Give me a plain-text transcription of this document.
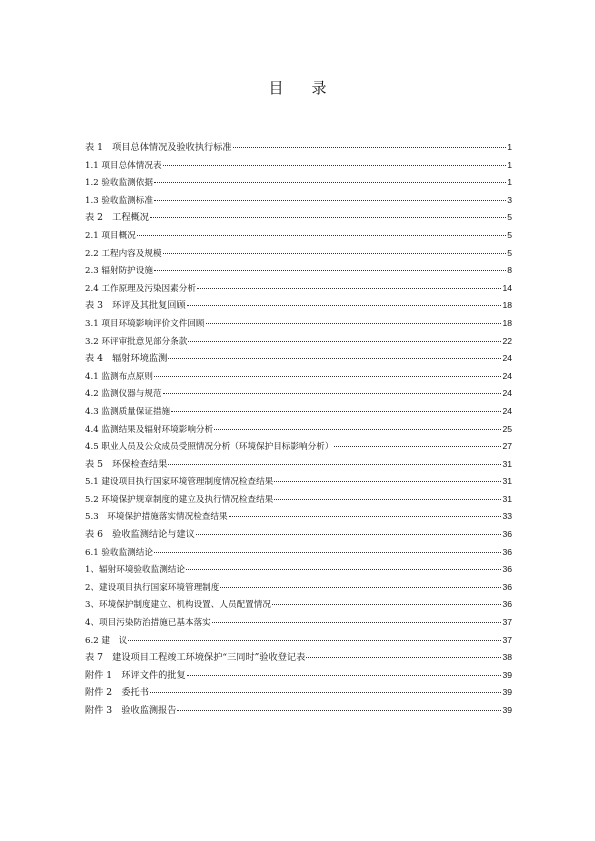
目 录
表 1　项目总体情况及验收执行标准	1
1.1 项目总体情况表	1
1.2 验收监测依据	1
1.3 验收监测标准	3
表 2　工程概况	5
2.1 项目概况	5
2.2 工程内容及规模	5
2.3 辐射防护设施	8
2.4 工作原理及污染因素分析	14
表 3　环评及其批复回顾	18
3.1 项目环境影响评价文件回顾	18
3.2 环评审批意见部分条款	22
表 4　辐射环境监测	24
4.1 监测布点原则	24
4.2 监测仪器与规范	24
4.3 监测质量保证措施	24
4.4 监测结果及辐射环境影响分析	25
4.5 职业人员及公众成员受照情况分析（环境保护目标影响分析）	27
表 5　环保检查结果	31
5.1 建设项目执行国家环境管理制度情况检查结果	31
5.2 环境保护规章制度的建立及执行情况检查结果	31
5.3　环境保护措施落实情况检查结果	33
表 6　验收监测结论与建议	36
6.1 验收监测结论	36
1、辐射环境验收监测结论	36
2、建设项目执行国家环境管理制度	36
3、环境保护制度建立、机构设置、人员配置情况	36
4、项目污染防治措施已基本落实	37
6.2 建　议	37
表 7　建设项目工程竣工环境保护“三同时”验收登记表	38
附件 1　环评文件的批复	39
附件 2　委托书	39
附件 3　验收监测报告	39
